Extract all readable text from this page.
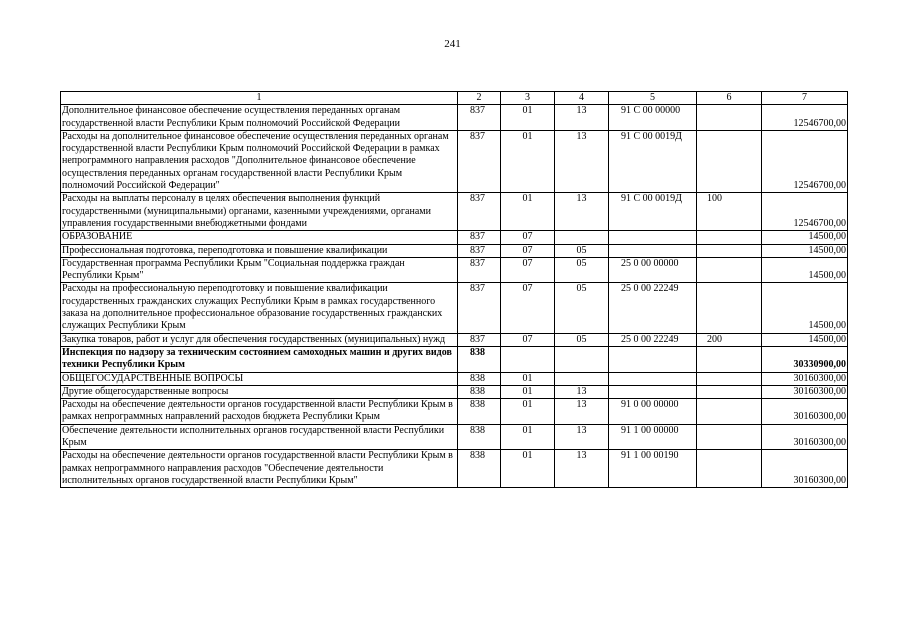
241
1	2	3	4	5	6	7
Дополнительное финансовое обеспечение осуществления переданных органам государственной власти Республики Крым полномочий Российской Федерации	837	01	13	91 С 00 00000		12546700,00
Расходы на дополнительное финансовое обеспечение осуществления переданных органам государственной власти Республики Крым полномочий Российской Федерации в рамках непрограммного направления расходов "Дополнительное финансовое обеспечение осуществления переданных органам государственной власти Республики Крым полномочий Российской Федерации"	837	01	13	91 С 00 0019Д		12546700,00
Расходы на выплаты персоналу в целях обеспечения выполнения функций государственными (муниципальными) органами, казенными учреждениями, органами управления государственными внебюджетными фондами	837	01	13	91 С 00 0019Д	100	12546700,00
ОБРАЗОВАНИЕ	837	07				14500,00
Профессиональная подготовка, переподготовка и повышение квалификации	837	07	05			14500,00
Государственная программа Республики Крым "Социальная поддержка граждан Республики Крым"	837	07	05	25 0 00 00000		14500,00
Расходы на профессиональную переподготовку и повышение квалификации государственных гражданских служащих Республики Крым в рамках государственного заказа на дополнительное профессиональное образование государственных гражданских служащих Республики Крым	837	07	05	25 0 00 22249		14500,00
Закупка товаров, работ и услуг для обеспечения государственных (муниципальных) нужд	837	07	05	25 0 00 22249	200	14500,00
Инспекция по надзору за техническим состоянием самоходных машин и других видов техники Республики Крым	838					30330900,00
ОБЩЕГОСУДАРСТВЕННЫЕ ВОПРОСЫ	838	01				30160300,00
Другие общегосударственные вопросы	838	01	13			30160300,00
Расходы на обеспечение деятельности органов государственной власти Республики Крым в рамках непрограммных направлений расходов бюджета Республики Крым	838	01	13	91 0 00 00000		30160300,00
Обеспечение деятельности исполнительных органов государственной власти Республики Крым	838	01	13	91 1 00 00000		30160300,00
Расходы на обеспечение деятельности органов государственной власти Республики Крым в рамках непрограммного направления расходов "Обеспечение деятельности исполнительных органов государственной власти Республики Крым"	838	01	13	91 1 00 00190		30160300,00
